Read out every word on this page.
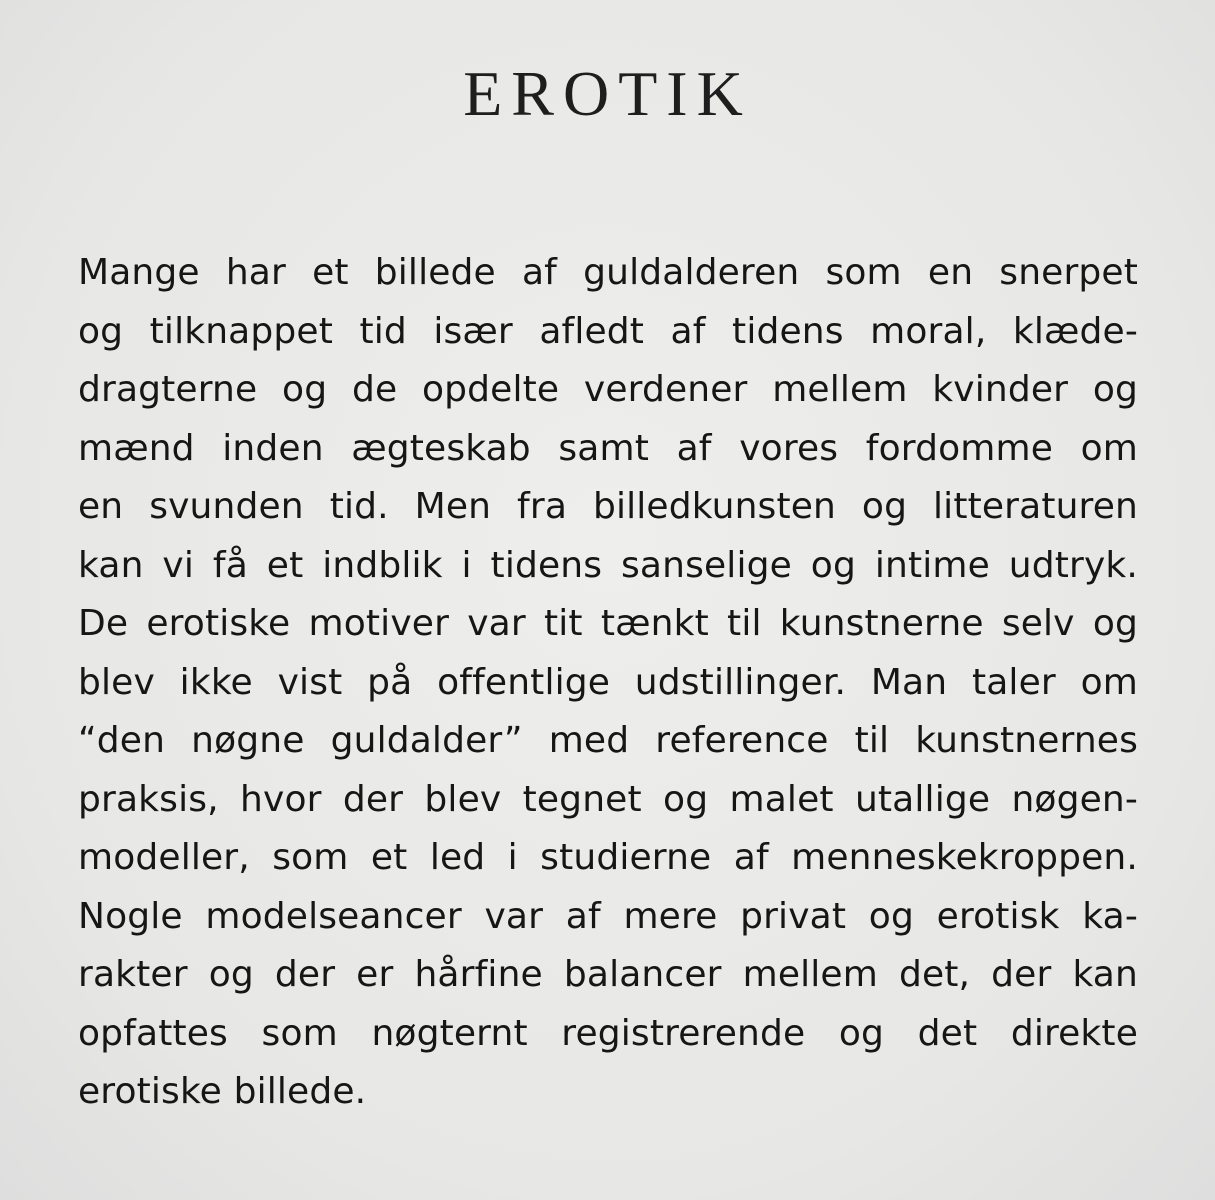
EROTIK
Mange har et billede af guldalderen som en snerpet
og tilknappet tid især afledt af tidens moral, klæde-
dragterne og de opdelte verdener mellem kvinder og
mænd inden ægteskab samt af vores fordomme om
en svunden tid. Men fra billedkunsten og litteraturen
kan vi få et indblik i tidens sanselige og intime udtryk.
De erotiske motiver var tit tænkt til kunstnerne selv og
blev ikke vist på offentlige udstillinger. Man taler om
“den nøgne guldalder” med reference til kunstnernes
praksis, hvor der blev tegnet og malet utallige nøgen-
modeller, som et led i studierne af menneskekroppen.
Nogle modelseancer var af mere privat og erotisk ka-
rakter og der er hårfine balancer mellem det, der kan
opfattes som nøgternt registrerende og det direkte
erotiske billede.
